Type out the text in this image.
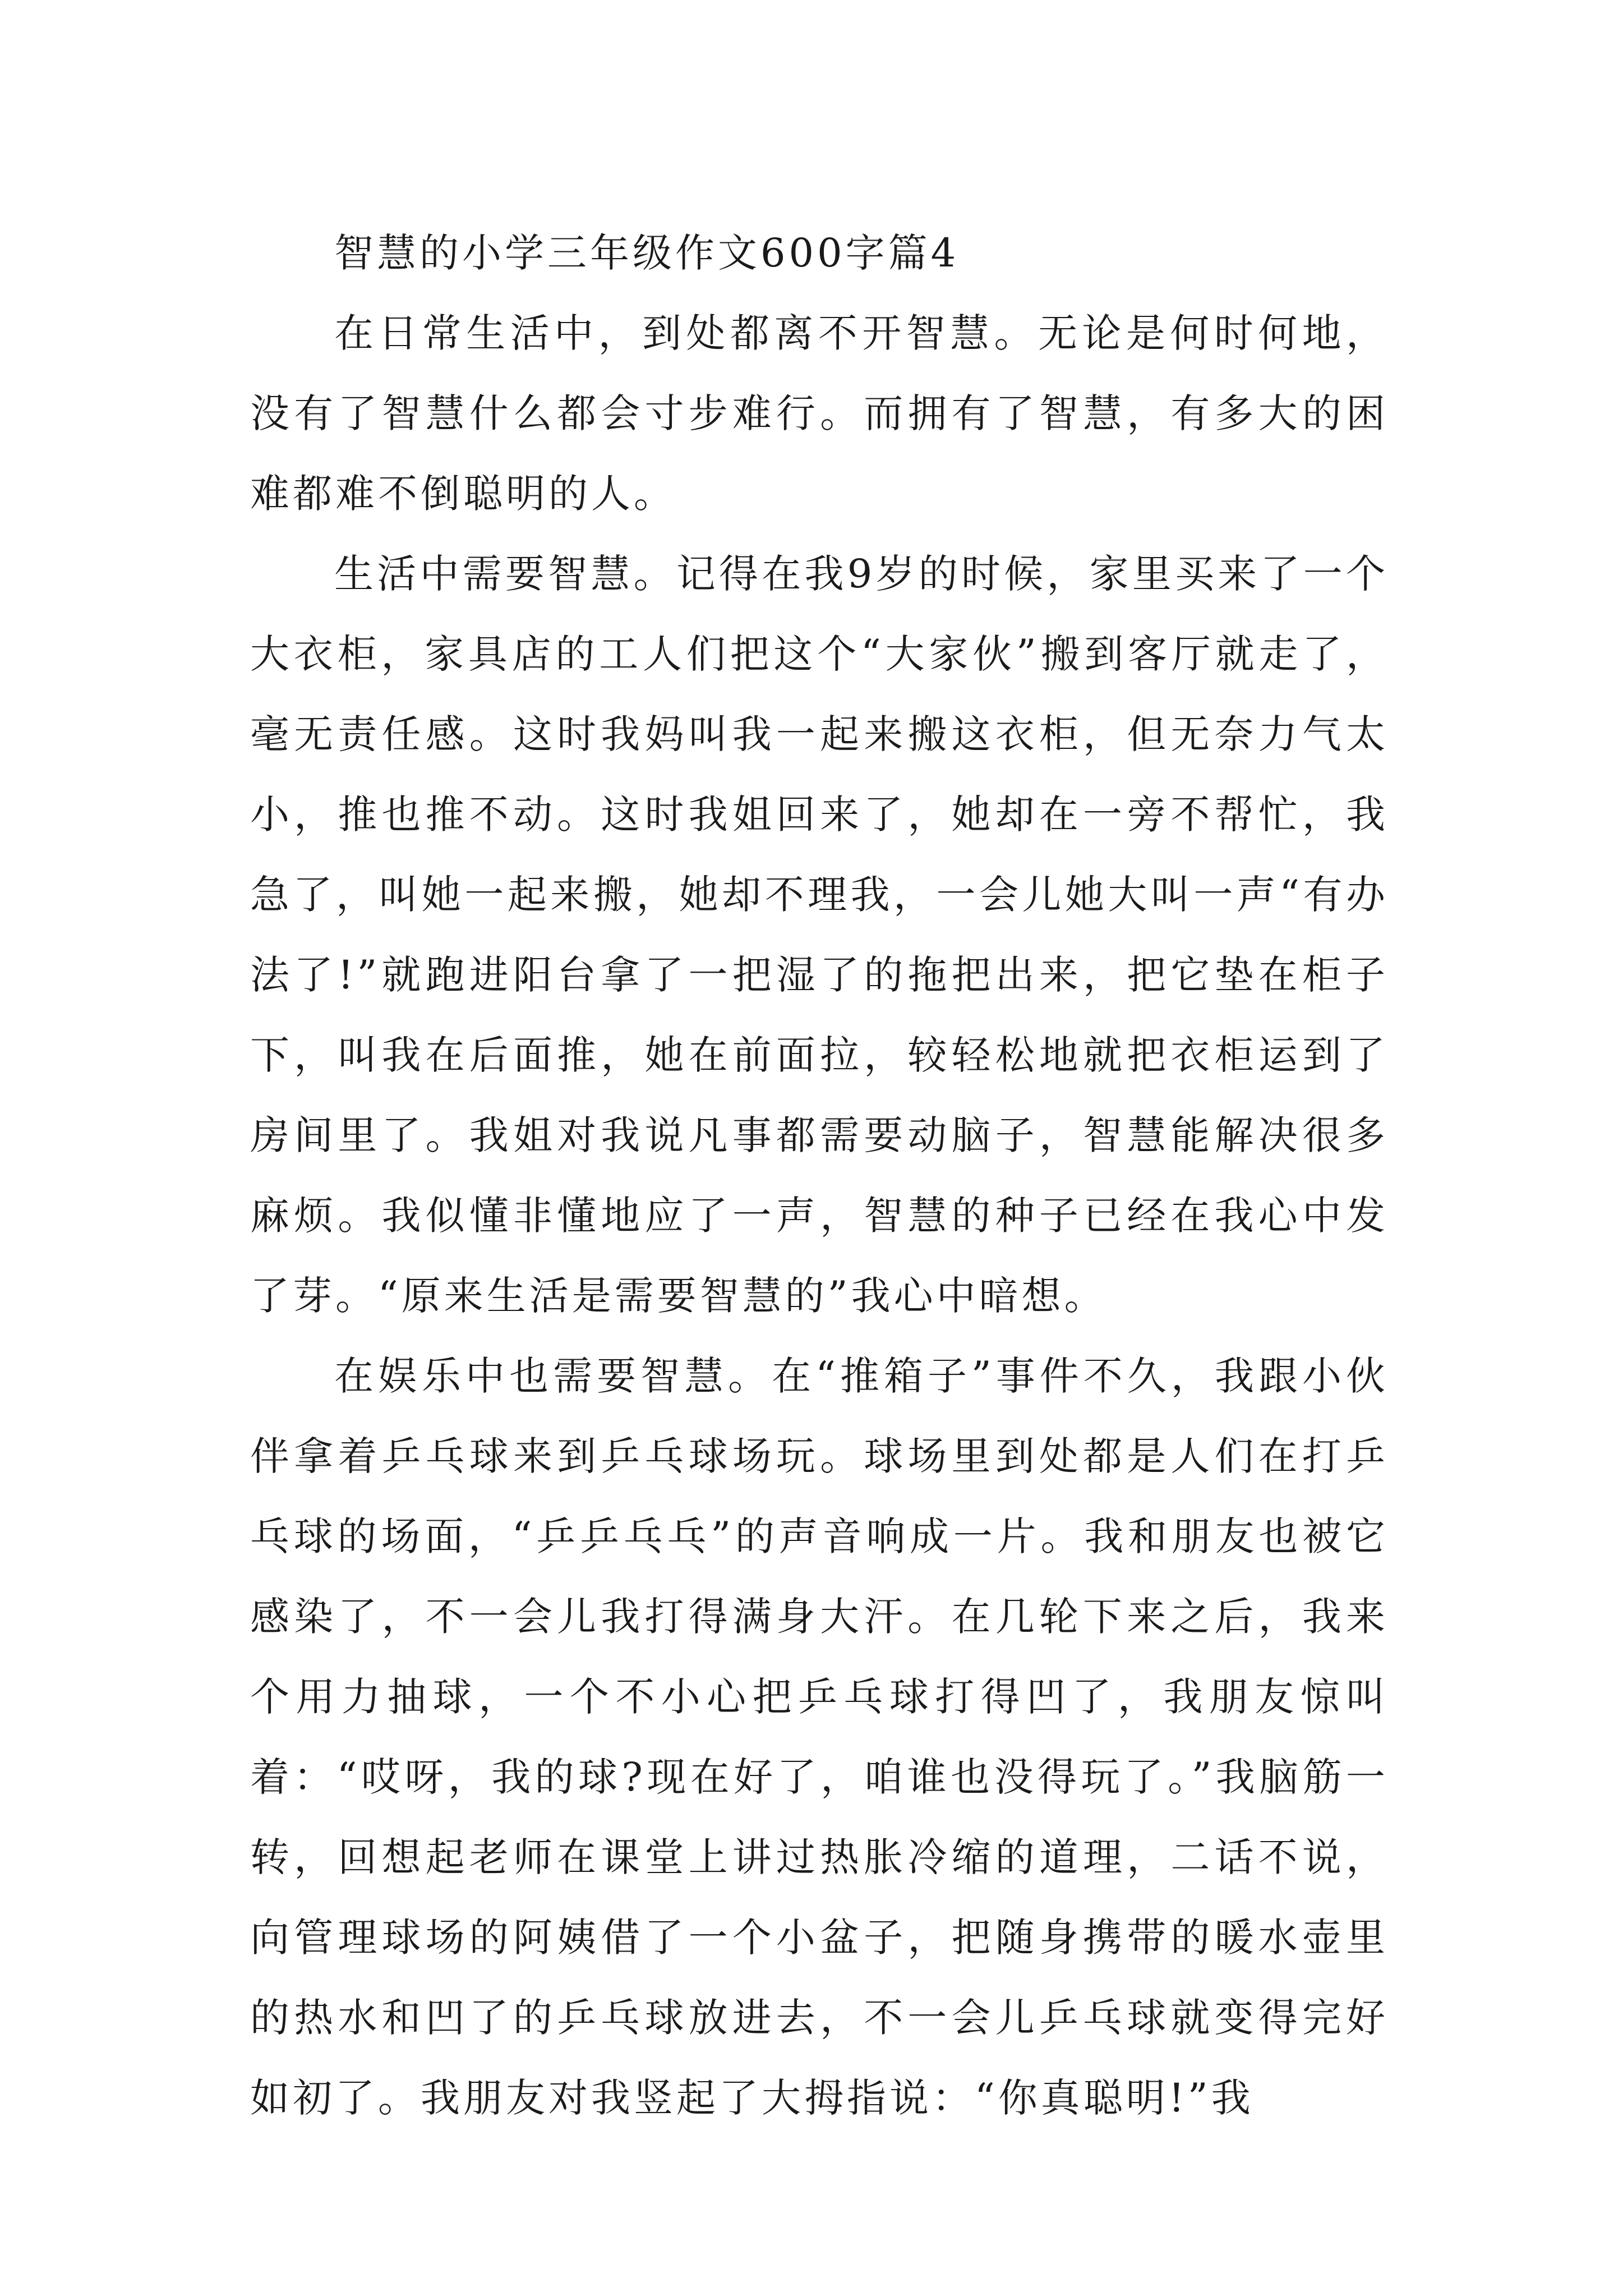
智慧的小学三年级作文600字篇4

在日常生活中，到处都离不开智慧。无论是何时何地，没有了智慧什么都会寸步难行。而拥有了智慧，有多大的困难都难不倒聪明的人。

生活中需要智慧。记得在我9岁的时候，家里买来了一个大衣柜，家具店的工人们把这个“大家伙”搬到客厅就走了，毫无责任感。这时我妈叫我一起来搬这衣柜，但无奈力气太小，推也推不动。这时我姐回来了，她却在一旁不帮忙，我急了，叫她一起来搬，她却不理我，一会儿她大叫一声“有办法了!”就跑进阳台拿了一把湿了的拖把出来，把它垫在柜子下，叫我在后面推，她在前面拉，较轻松地就把衣柜运到了房间里了。我姐对我说凡事都需要动脑子，智慧能解决很多麻烦。我似懂非懂地应了一声，智慧的种子已经在我心中发了芽。“原来生活是需要智慧的”我心中暗想。

在娱乐中也需要智慧。在“推箱子”事件不久，我跟小伙伴拿着乒乓球来到乒乓球场玩。球场里到处都是人们在打乒乓球的场面，“乒乒乓乓”的声音响成一片。我和朋友也被它感染了，不一会儿我打得满身大汗。在几轮下来之后，我来个用力抽球，一个不小心把乒乓球打得凹了，我朋友惊叫着：“哎呀，我的球?现在好了，咱谁也没得玩了。”我脑筋一转，回想起老师在课堂上讲过热胀冷缩的道理，二话不说，向管理球场的阿姨借了一个小盆子，把随身携带的暖水壶里的热水和凹了的乒乓球放进去，不一会儿乒乓球就变得完好如初了。我朋友对我竖起了大拇指说：“你真聪明!”我
